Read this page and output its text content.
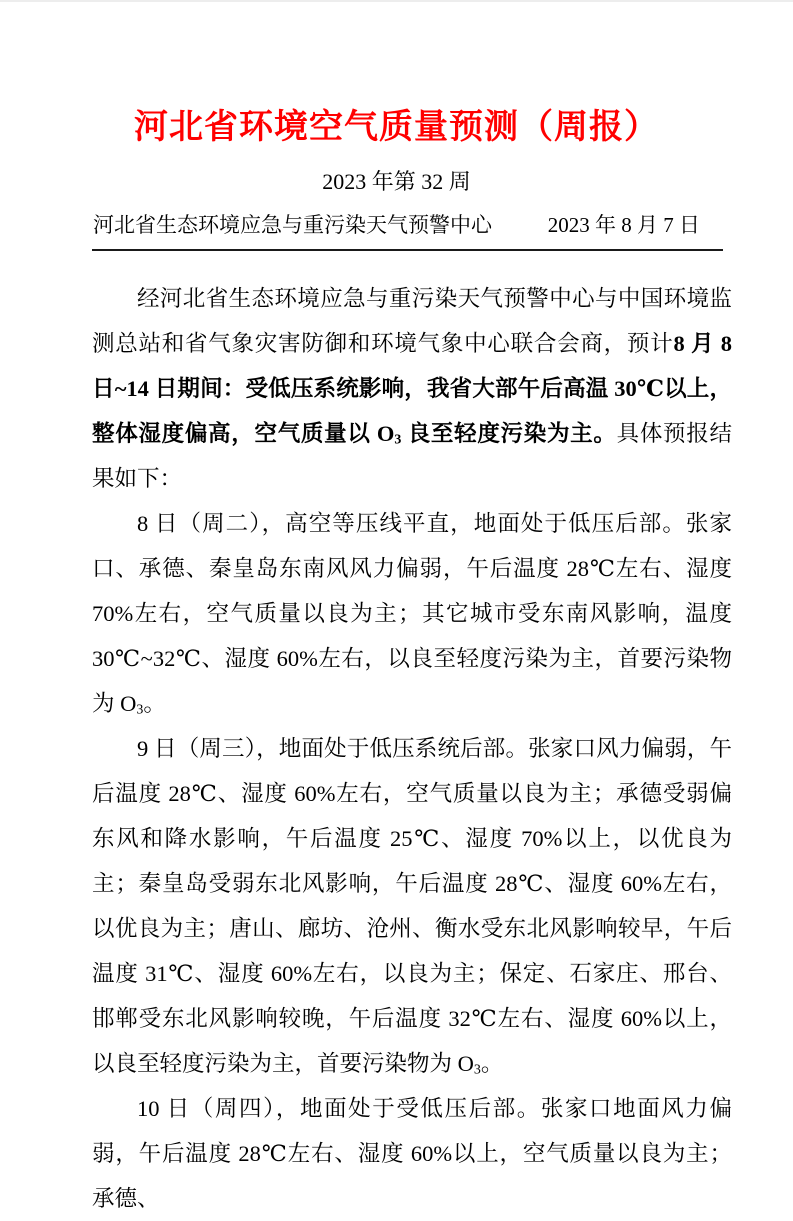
河北省环境空气质量预测（周报）
2023 年第 32 周
河北省生态环境应急与重污染天气预警中心	2023 年 8 月 7 日

经河北省生态环境应急与重污染天气预警中心与中国环境监测总站和省气象灾害防御和环境气象中心联合会商，预计8 月 8 日~14 日期间：受低压系统影响，我省大部午后高温 30℃以上，整体湿度偏高，空气质量以 $O_3$ 良至轻度污染为主。具体预报结果如下：

8 日（周二），高空等压线平直，地面处于低压后部。张家口、承德、秦皇岛东南风风力偏弱，午后温度 28℃左右、湿度 70%左右，空气质量以良为主；其它城市受东南风影响，温度 30℃~32℃、湿度 60%左右，以良至轻度污染为主，首要污染物为 $O_3$。

9 日（周三），地面处于低压系统后部。张家口风力偏弱，午后温度 28℃、湿度 60%左右，空气质量以良为主；承德受弱偏东风和降水影响，午后温度 25℃、湿度 70%以上，以优良为主；秦皇岛受弱东北风影响，午后温度 28℃、湿度 60%左右，以优良为主；唐山、廊坊、沧州、衡水受东北风影响较早，午后温度 31℃、湿度 60%左右，以良为主；保定、石家庄、邢台、邯郸受东北风影响较晚，午后温度 32℃左右、湿度 60%以上，以良至轻度污染为主，首要污染物为 $O_3$。

10 日（周四），地面处于受低压后部。张家口地面风力偏弱，午后温度 28℃左右、湿度 60%以上，空气质量以良为主；承德、
